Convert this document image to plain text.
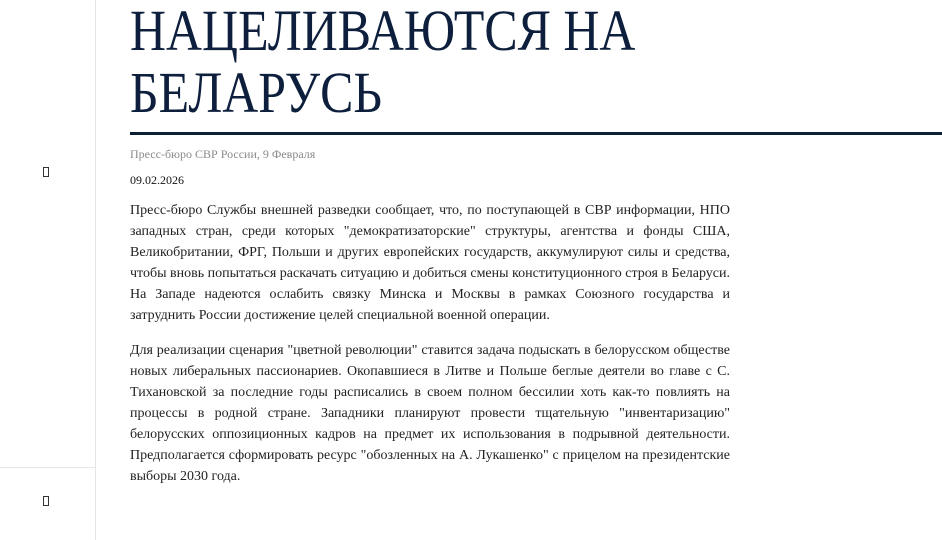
НАЦЕЛИВАЮТСЯ НА
БЕЛАРУСЬ
Пресс-бюро СВР России, 9 Февраля
09.02.2026

Пресс-бюро Службы внешней разведки сообщает, что, по поступающей в СВР информации, НПО западных стран, среди которых "демократизаторские" структуры, агентства и фонды США, Великобритании, ФРГ, Польши и других европейских государств, аккумулируют силы и средства, чтобы вновь попытаться раскачать ситуацию и добиться смены конституционного строя в Беларуси. На Западе надеются ослабить связку Минска и Москвы в рамках Союзного государства и затруднить России достижение целей специальной военной операции.

Для реализации сценария "цветной революции" ставится задача подыскать в белорусском обществе новых либеральных пассионариев. Окопавшиеся в Литве и Польше беглые деятели во главе с С. Тихановской за последние годы расписались в своем полном бессилии хоть как-то повлиять на процессы в родной стране. Западники планируют провести тщательную "инвентаризацию" белорусских оппозиционных кадров на предмет их использования в подрывной деятельности. Предполагается сформировать ресурс "обозленных на А. Лукашенко" с прицелом на президентские выборы 2030 года.
